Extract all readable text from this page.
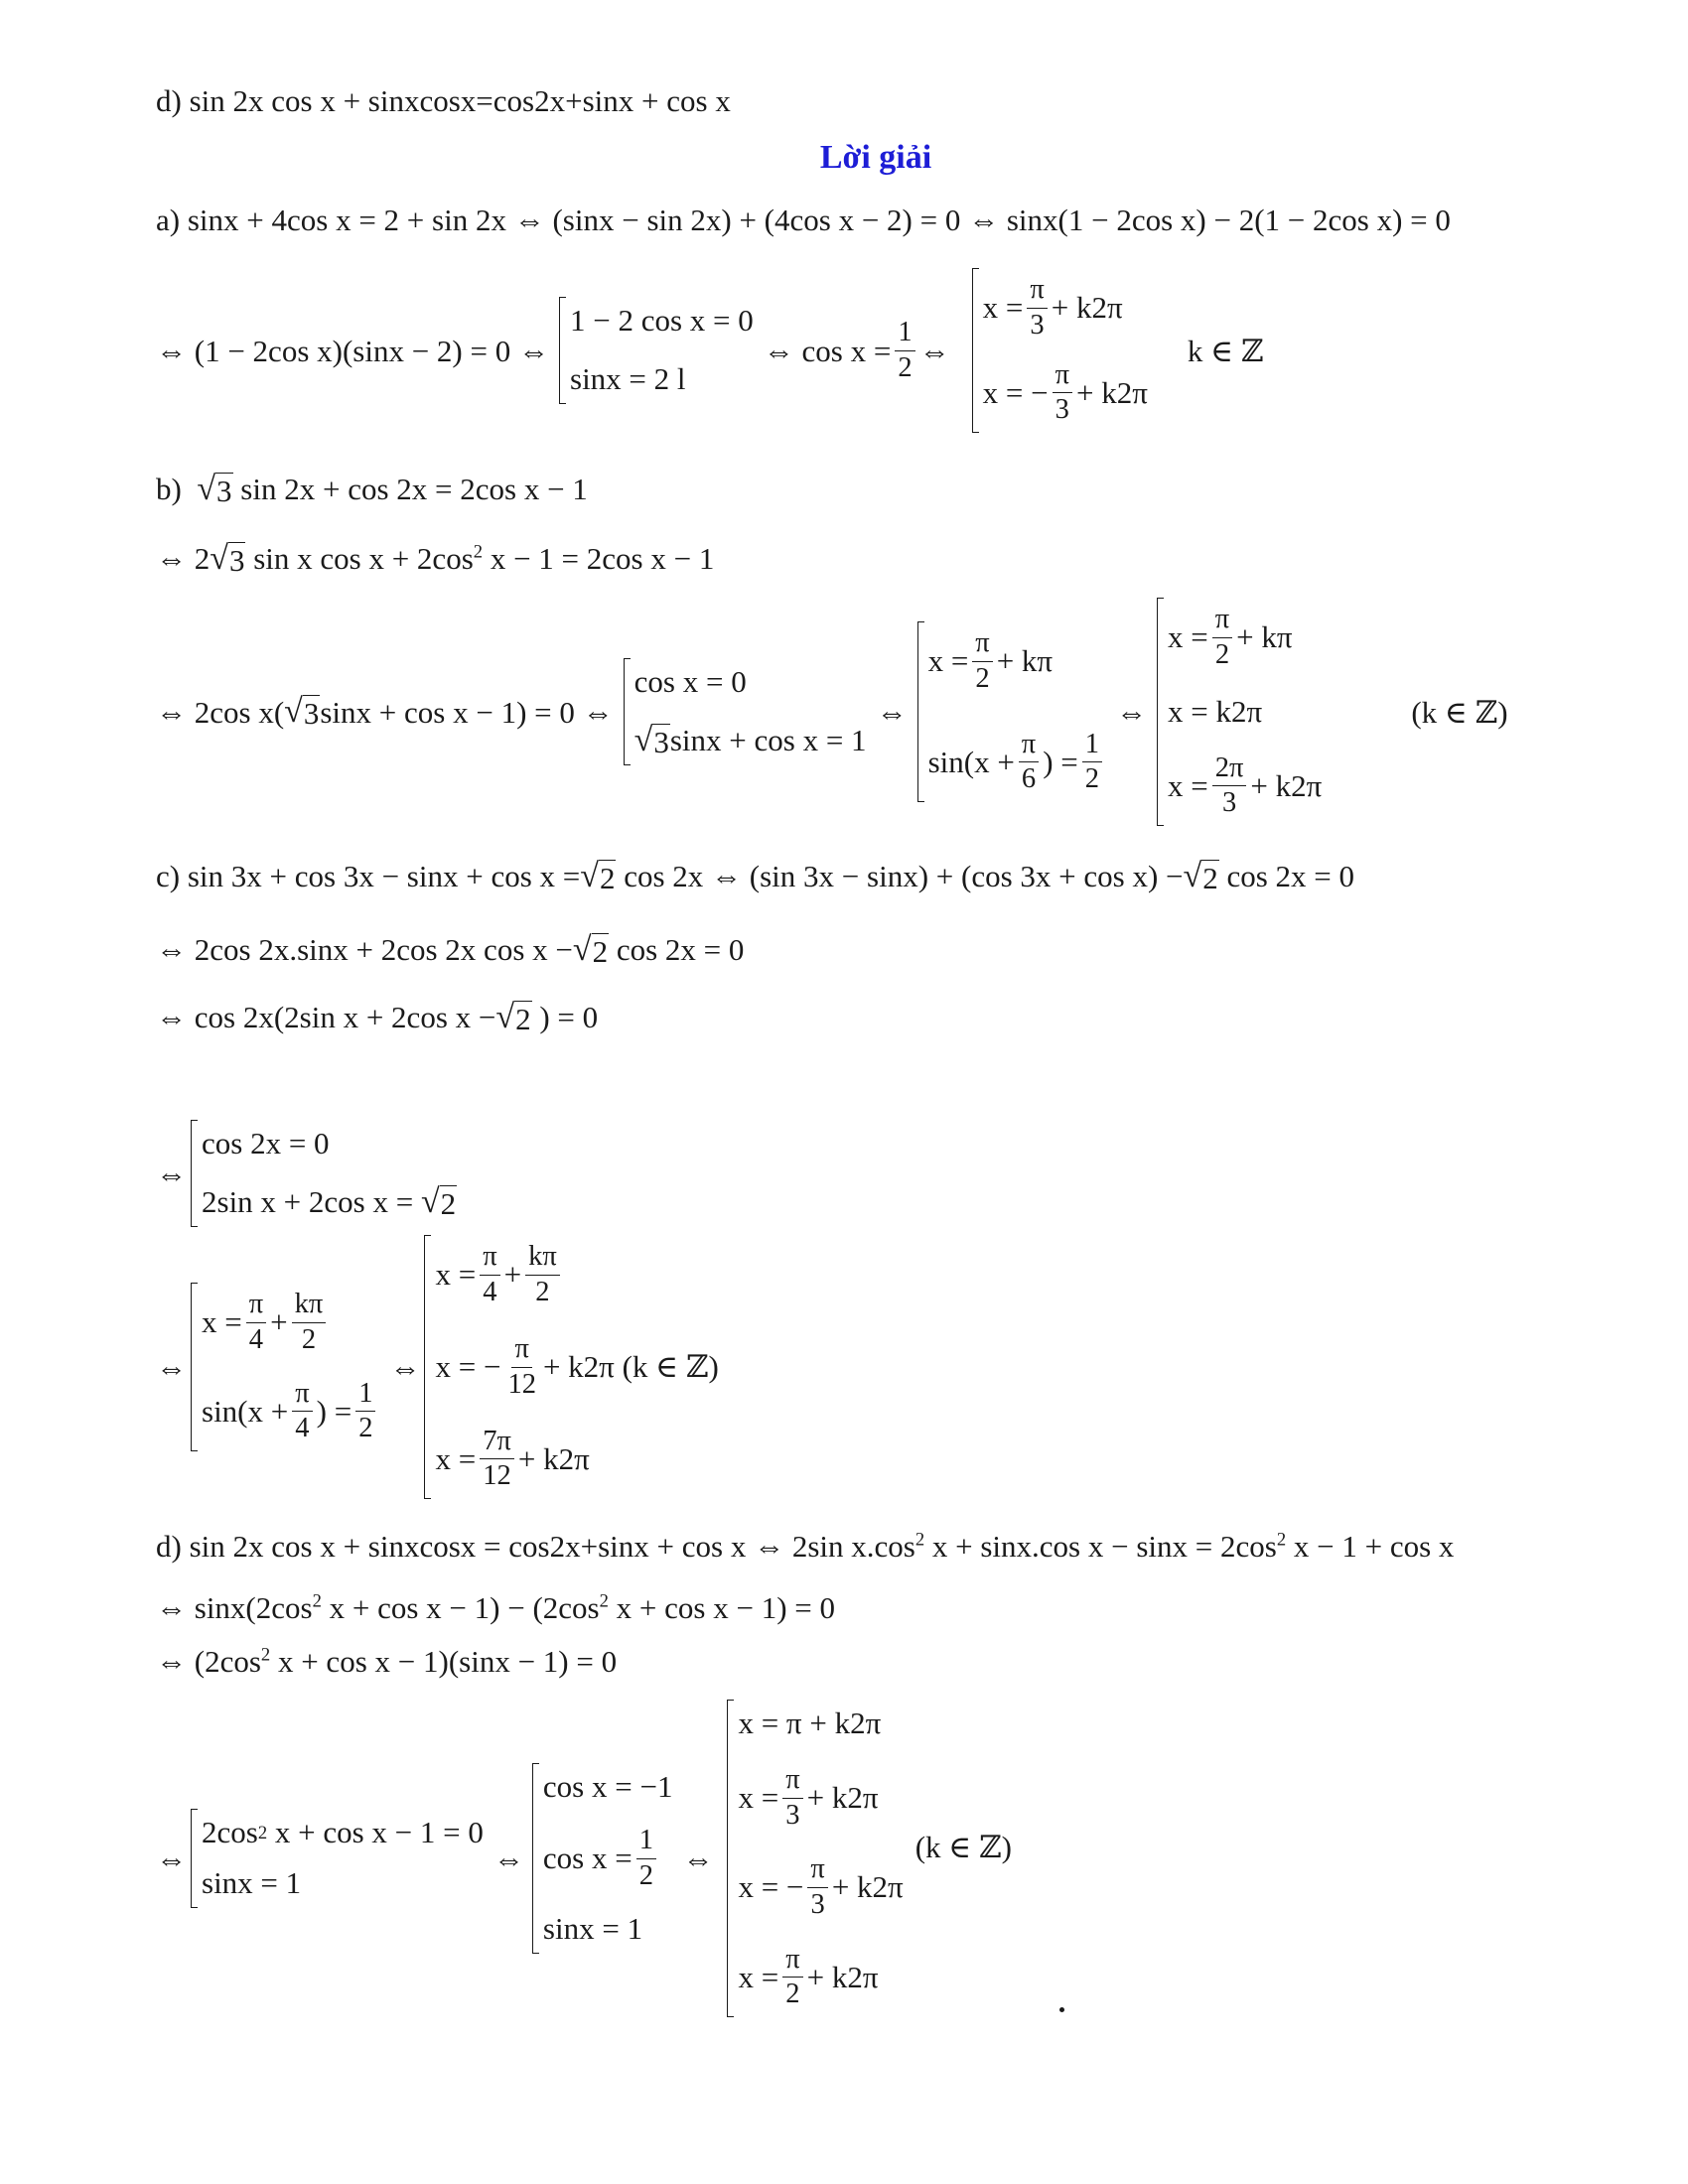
d) sin 2x cos x + sinxcosx=cos2x+sinx + cos x
Lời giải
a) sinx + 4cos x = 2 + sin 2x ⇔ (sinx − sin 2x) + (4cos x − 2) = 0 ⇔ sinx(1 − 2cos x) − 2(1 − 2cos x) = 0
⇔ (1 − 2cos x)(sinx − 2) = 0 ⇔
1 − 2 cos x = 0
sinx = 2 l
⇔ $\cos x = \frac{1}{2}$ ⇔
$x = \frac{\pi}{3} + k2\pi$
x = − $\frac{\pi}{3} + k2\pi$
k ∈ ℤ
b) √ 3 sin 2x + cos 2x = 2cos x − 1
⇔ 2 √ 3 sin x $\cos x + 2\cos^2$ x − 1 = 2cos x − 1
⇔ 2cos x( √ 3 sinx + cos x − 1) = 0 ⇔
cos x = 0
√ 3 sinx + cos x = 1
⇔
$x = \frac{\pi}{2} + k\pi$
$\sin(x + \frac{\pi}{6}$ ) = $\frac{1}{2}$
⇔
$x = \frac{\pi}{2} + k\pi$
x = k2π
$x = \frac{2\pi}{3} + k2\pi$
(k ∈ ℤ)
c) sin 3x + cos 3x − sinx + cos x = √ 2 cos 2x ⇔ (sin 3x − sinx) + (cos 3x + cos x) − √ 2 cos 2x = 0
⇔ 2cos 2x.sinx + 2cos 2x cos x − √ 2 cos 2x = 0
⇔ cos 2x(2sin x + 2cos x − √ 2 ) = 0
⇔
cos 2x = 0
2sin x + 2cos x =
√ 2
⇔
$x = \frac{\pi}{4} + \frac{k\pi}{2}$
$\sin(x + \frac{\pi}{4}$ ) = $\frac{1}{2}$
⇔
$x = \frac{\pi}{4} + \frac{k\pi}{2}$
x = − $\frac{\pi}{12} + k2\pi$ (k ∈ ℤ)
$x = \frac{7\pi}{12} + k2\pi$
d) sin 2x cos x + sinxcosx = cos2x+sinx + cos x ⇔ 2sin $x.\cos^2$ x + sinx.cos $x - \sin x = 2\cos^2$ x − 1 + cos x
⇔ $\sin x(2\cos^2$ $x + \cos x - 1) - (2\cos^2$ x + cos x − 1) = 0
⇔ ($2\cos^2$ x + cos x − 1)(sinx − 1) = 0
⇔
2cos 2
x + cos x − 1 = 0
sinx = 1
⇔
cos x = −1
$\cos x = \frac{1}{2}$
sinx = 1
⇔
x = π + k2π
$x = \frac{\pi}{3} + k2\pi$
x = − $\frac{\pi}{3} + k2\pi$
$x = \frac{\pi}{2} + k2\pi$
(k ∈ ℤ)
